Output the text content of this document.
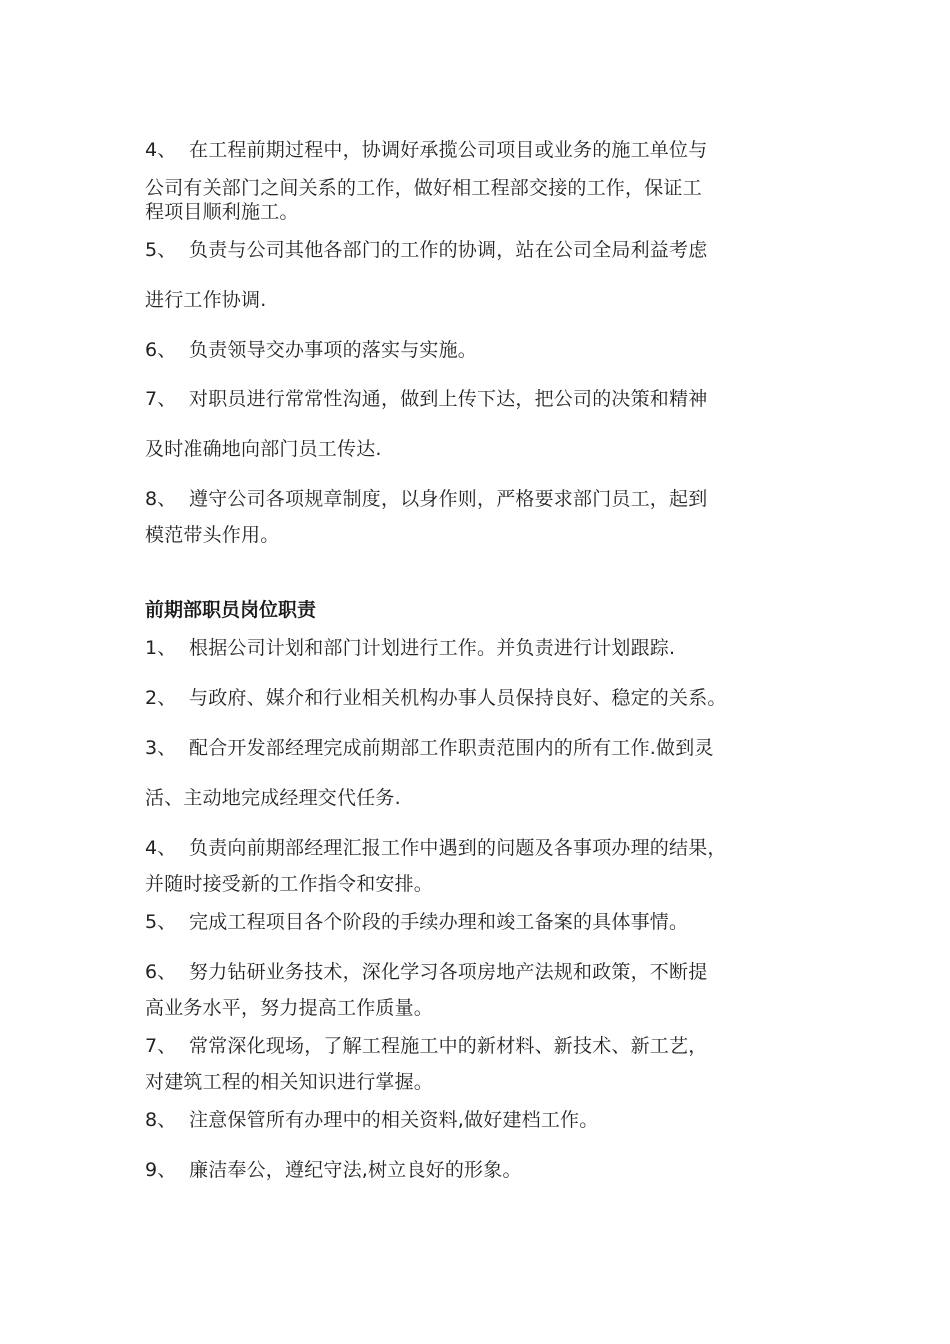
4、 在工程前期过程中，协调好承揽公司项目或业务的施工单位与
公司有关部门之间关系的工作，做好相工程部交接的工作，保证工
程项目顺利施工。
5、 负责与公司其他各部门的工作的协调，站在公司全局利益考虑
进行工作协调.
6、 负责领导交办事项的落实与实施。
7、 对职员进行常常性沟通，做到上传下达，把公司的决策和精神
及时准确地向部门员工传达.
8、 遵守公司各项规章制度，以身作则，严格要求部门员工，起到
模范带头作用。
前期部职员岗位职责
1、 根据公司计划和部门计划进行工作。并负责进行计划跟踪.
2、 与政府、媒介和行业相关机构办事人员保持良好、稳定的关系。
3、 配合开发部经理完成前期部工作职责范围内的所有工作.做到灵
活、主动地完成经理交代任务.
4、 负责向前期部经理汇报工作中遇到的问题及各事项办理的结果，
并随时接受新的工作指令和安排。
5、 完成工程项目各个阶段的手续办理和竣工备案的具体事情。
6、 努力钻研业务技术，深化学习各项房地产法规和政策，不断提
高业务水平，努力提高工作质量。
7、 常常深化现场，了解工程施工中的新材料、新技术、新工艺，
对建筑工程的相关知识进行掌握。
8、 注意保管所有办理中的相关资料,做好建档工作。
9、 廉洁奉公，遵纪守法,树立良好的形象。
